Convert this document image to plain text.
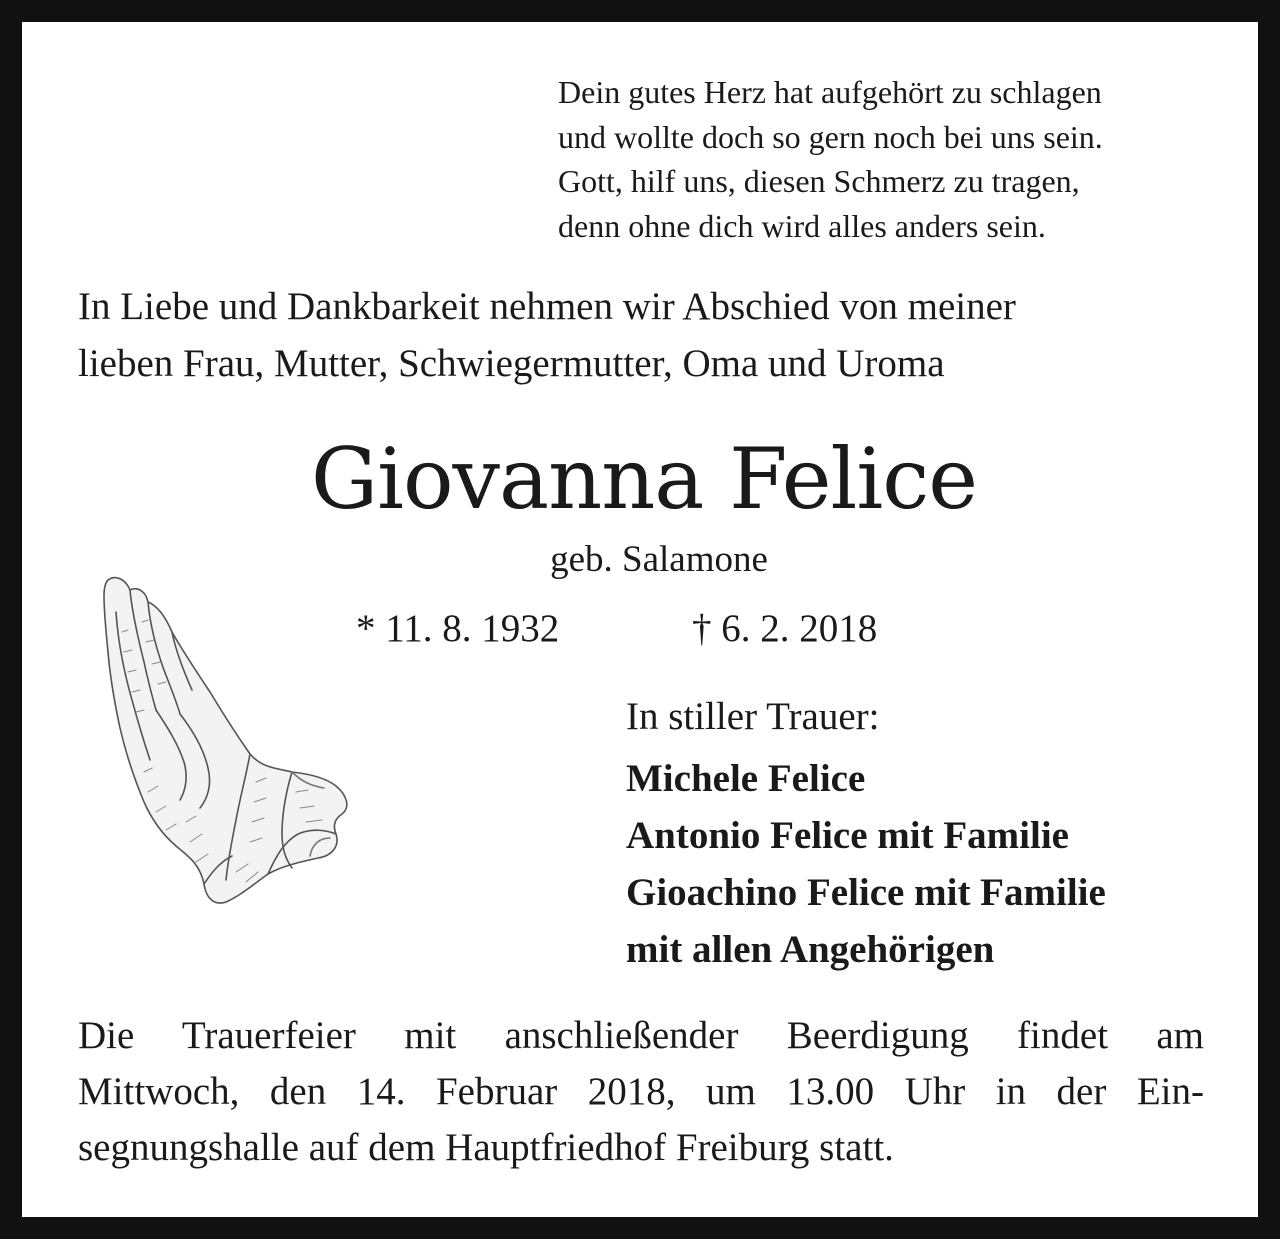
Dein gutes Herz hat aufgehört zu schlagen
und wollte doch so gern noch bei uns sein.
Gott, hilf uns, diesen Schmerz zu tragen,
denn ohne dich wird alles anders sein.
In Liebe und Dankbarkeit nehmen wir Abschied von meiner
lieben Frau, Mutter, Schwiegermutter, Oma und Uroma
Giovanna Felice
geb. Salamone
* 11. 8. 1932	† 6. 2. 2018
In stiller Trauer:
Michele Felice
Antonio Felice mit Familie
Gioachino Felice mit Familie
mit allen Angehörigen
Die Trauerfeier mit anschließender Beerdigung findet am
Mittwoch, den 14. Februar 2018, um 13.00 Uhr in der Ein-
segnungshalle auf dem Hauptfriedhof Freiburg statt.
